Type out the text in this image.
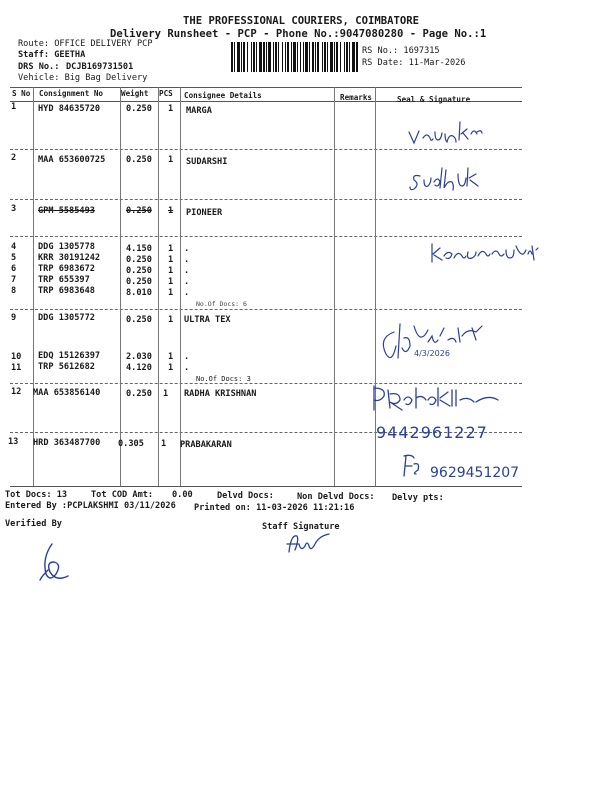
THE PROFESSIONAL COURIERS, COIMBATORE
Delivery Runsheet - PCP - Phone No.:9047080280 - Page No.:1
Route: OFFICE DELIVERY PCP
Staff: GEETHA
DRS No.: DCJB169731501
Vehicle: Big Bag Delivery
RS No.: 1697315
RS Date: 11-Mar-2026
S No Consignment No Weight PCS Consignee Details	Remarks	Seal & Signature
1	HYD 84635720	0.250 1 MARGA
2	MAA 653600725 0.250 1 SUDARSHI
3	GPM 5585493	0.250 1 PIONEER
4	DDG 1305778	4.150 1 .
5	KRR 30191242	0.250 1 .
6	TRP 6983672	0.250 1 .
7	TRP 655397	0.250 1 .
8	TRP 6983648	8.010 1 .
No.Of Docs: 6
9	DDG 1305772	0.250 1 ULTRA TEX
10 EDQ 15126397	2.030 1 .
11 TRP 5612682	4.120 1 .
No.Of Docs: 3
12 MAA 653856140	0.250 1 RADHA KRISHNAN
13 HRD 363487700 0.305 1 PRABAKARAN
4/3/2026
9442961227
9629451207
Tot Docs: 13	Tot COD Amt: 0.00	Delvd Docs:	Non Delvd Docs: Delvy pts:
Entered By :PCPLAKSHMI 03/11/2026 Printed on: 11-03-2026 11:21:16
Verified By	Staff Signature
